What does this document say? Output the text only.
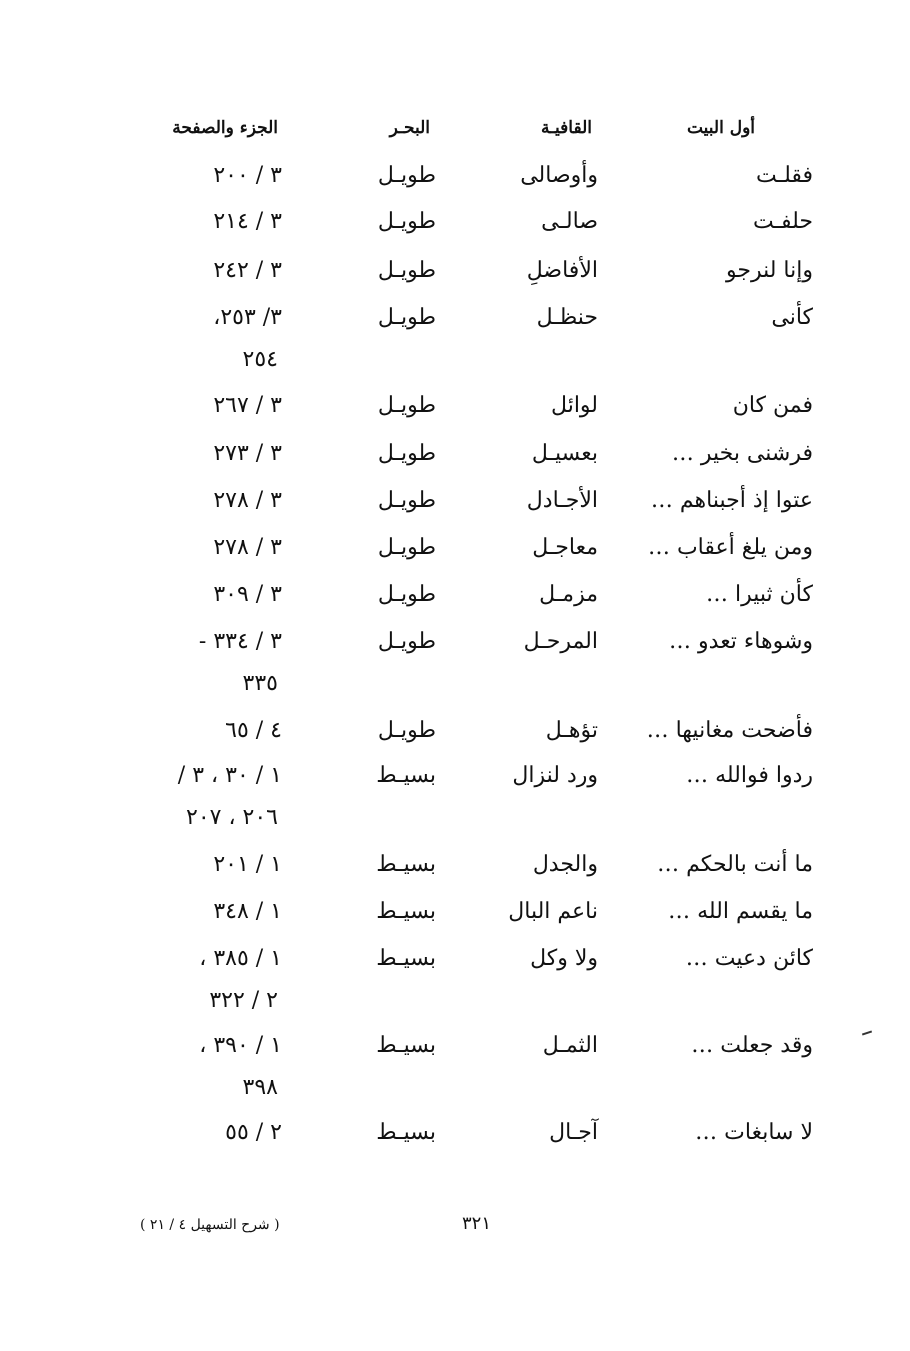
أول البيت
القافيـة
البحـر
الجزء والصفحة
فقلـت
وأوصالى
طويـل
٣ / ٢٠٠
حلفـت
صالـى
طويـل
٣ / ٢١٤
وإنا لنرجو
الأفاضلِ
طويـل
٣ / ٢٤٢
كأنى
حنظـل
طويـل
٣/ ٢٥٣،
٢٥٤
فمن كان
لوائل
طويـل
٣ / ٢٦٧
فرشنى بخير …
بعسيـل
طويـل
٣ / ٢٧٣
عتوا إذ أجبناهم …
الأجـادل
طويـل
٣ / ٢٧٨
ومن يلغ أعقاب …
معاجـل
طويـل
٣ / ٢٧٨
كأن ثبيرا …
مزمـل
طويـل
٣ / ٣٠٩
وشوهاء تعدو …
المرحـل
طويـل
٣ / ٣٣٤ -
٣٣٥
فأضحت مغانيها …
تؤهـل
طويـل
٤ / ٦٥
ردوا فوالله …
ورد لنزال
بسيـط
١ / ٣٠ ، ٣ /
٢٠٦ ، ٢٠٧
ما أنت بالحكم …
والجدل
بسيـط
١ / ٢٠١
ما يقسم الله …
ناعم البال
بسيـط
١ / ٣٤٨
كائن دعيت …
ولا وكل
بسيـط
١ / ٣٨٥ ،
٢ / ٣٢٢
وقد جعلت …
الثمـل
بسيـط
١ / ٣٩٠ ،
٣٩٨
لا سابغات …
آجـال
بسيـط
٢ / ٥٥
٣٢١
( شرح التسهيل ٤ / ٢١ )
